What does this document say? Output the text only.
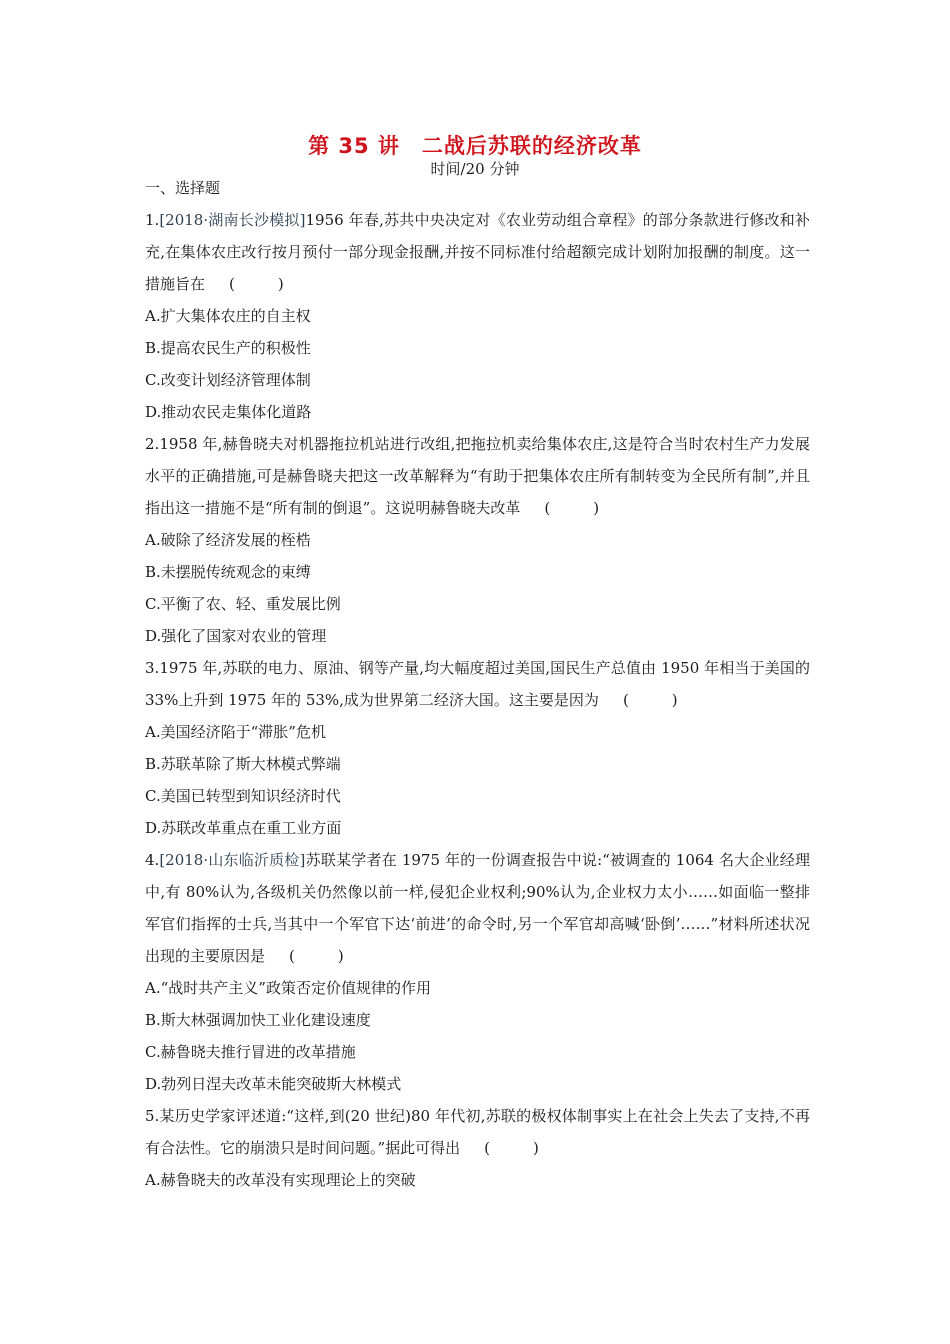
第 35 讲 二战后苏联的经济改革
时间/20 分钟
一、选择题
1.[2018·湖南长沙模拟]1956 年春,苏共中央决定对《农业劳动组合章程》的部分条款进行修改和补充,在集体农庄改行按月预付一部分现金报酬,并按不同标准付给超额完成计划附加报酬的制度。这一措施旨在 (　)
A.扩大集体农庄的自主权
B.提高农民生产的积极性
C.改变计划经济管理体制
D.推动农民走集体化道路
2.1958 年,赫鲁晓夫对机器拖拉机站进行改组,把拖拉机卖给集体农庄,这是符合当时农村生产力发展水平的正确措施,可是赫鲁晓夫把这一改革解释为“有助于把集体农庄所有制转变为全民所有制”,并且指出这一措施不是“所有制的倒退”。这说明赫鲁晓夫改革 (　)
A.破除了经济发展的桎梏
B.未摆脱传统观念的束缚
C.平衡了农、轻、重发展比例
D.强化了国家对农业的管理
3.1975 年,苏联的电力、原油、钢等产量,均大幅度超过美国,国民生产总值由 1950 年相当于美国的 33%上升到 1975 年的 53%,成为世界第二经济大国。这主要是因为 (　)
A.美国经济陷于“滞胀”危机
B.苏联革除了斯大林模式弊端
C.美国已转型到知识经济时代
D.苏联改革重点在重工业方面
4.[2018·山东临沂质检]苏联某学者在 1975 年的一份调查报告中说:“被调查的 1064 名大企业经理中,有 80%认为,各级机关仍然像以前一样,侵犯企业权利;90%认为,企业权力太小……如面临一整排军官们指挥的士兵,当其中一个军官下达‘前进’的命令时,另一个军官却高喊‘卧倒’……”材料所述状况出现的主要原因是 (　)
A.“战时共产主义”政策否定价值规律的作用
B.斯大林强调加快工业化建设速度
C.赫鲁晓夫推行冒进的改革措施
D.勃列日涅夫改革未能突破斯大林模式
5.某历史学家评述道:“这样,到(20 世纪)80 年代初,苏联的极权体制事实上在社会上失去了支持,不再有合法性。它的崩溃只是时间问题。”据此可得出 (　)
A.赫鲁晓夫的改革没有实现理论上的突破
